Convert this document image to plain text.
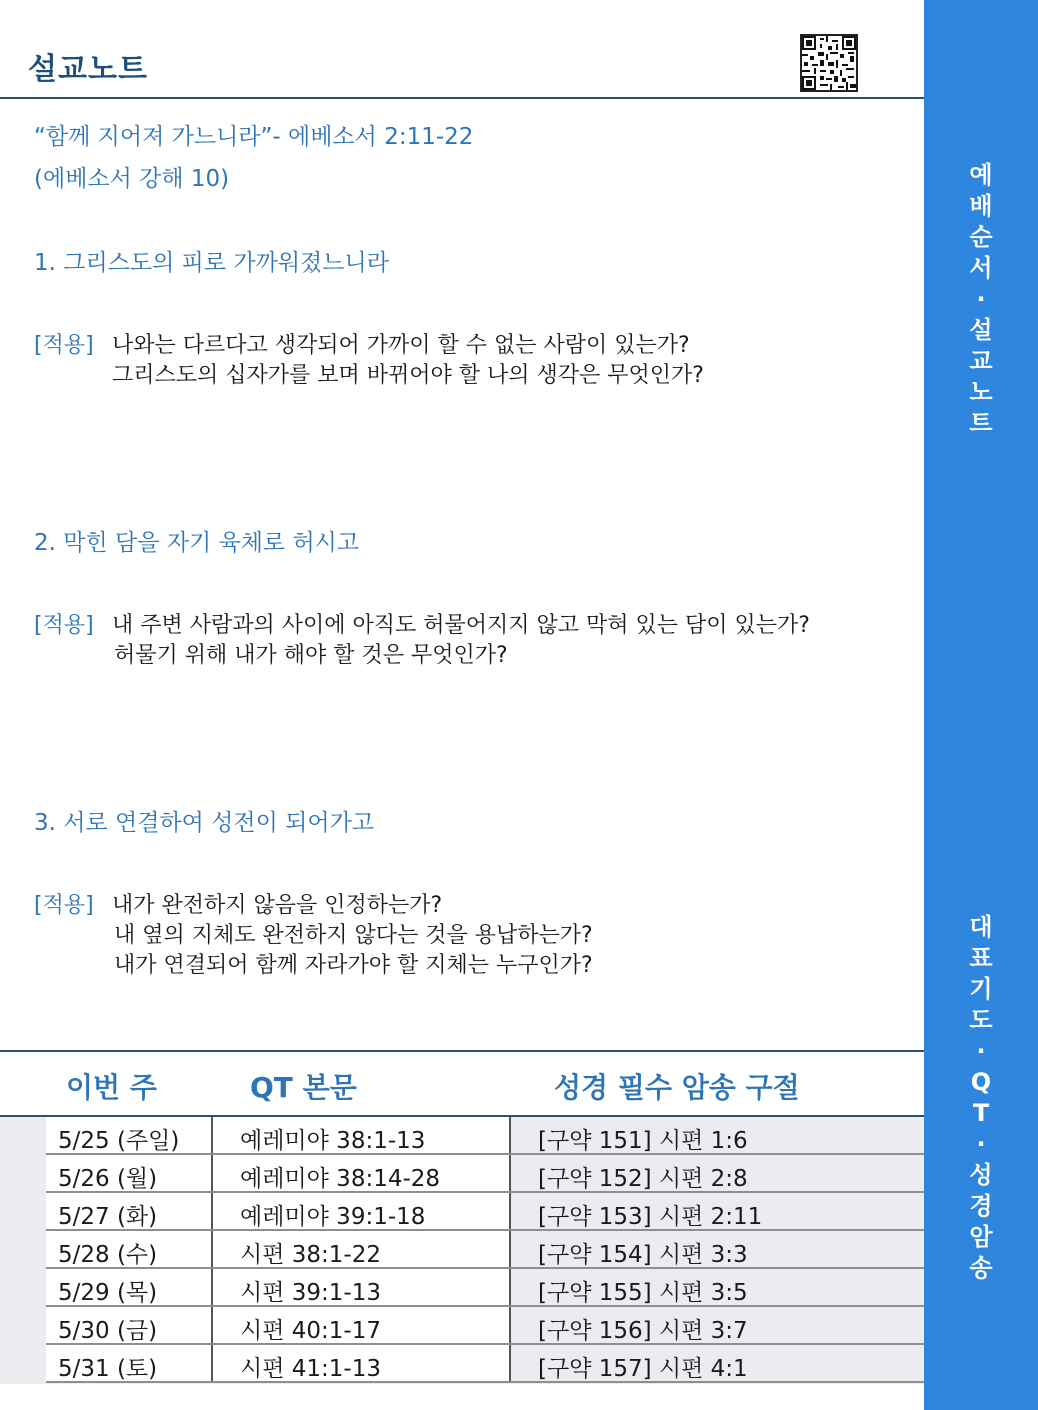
설교노트
“함께 지어져 가느니라”- 에베소서 2:11-22
(에베소서 강해 10)
1. 그리스도의 피로 가까워졌느니라
[적용] 나와는 다르다고 생각되어 가까이 할 수 없는 사람이 있는가?
그리스도의 십자가를 보며 바뀌어야 할 나의 생각은 무엇인가?
2. 막힌 담을 자기 육체로 허시고
[적용] 내 주변 사람과의 사이에 아직도 허물어지지 않고 막혀 있는 담이 있는가?
허물기 위해 내가 해야 할 것은 무엇인가?
3. 서로 연결하여 성전이 되어가고
[적용] 내가 완전하지 않음을 인정하는가?
내 옆의 지체도 완전하지 않다는 것을 용납하는가?
내가 연결되어 함께 자라가야 할 지체는 누구인가?
이번 주	QT 본문	성경 필수 암송 구절
5/25 (주일)	예레미야 38:1-13	[구약 151] 시편 1:6
5/26 (월)	예레미야 38:14-28	[구약 152] 시편 2:8
5/27 (화)	예레미야 39:1-18	[구약 153] 시편 2:11
5/28 (수)	시편 38:1-22	[구약 154] 시편 3:3
5/29 (목)	시편 39:1-13	[구약 155] 시편 3:5
5/30 (금)	시편 40:1-17	[구약 156] 시편 3:7
5/31 (토)	시편 41:1-13	[구약 157] 시편 4:1
예
배
순
서
·
설
교
노
트
대
표
기
도
·
Q
T
·
성
경
암
송
